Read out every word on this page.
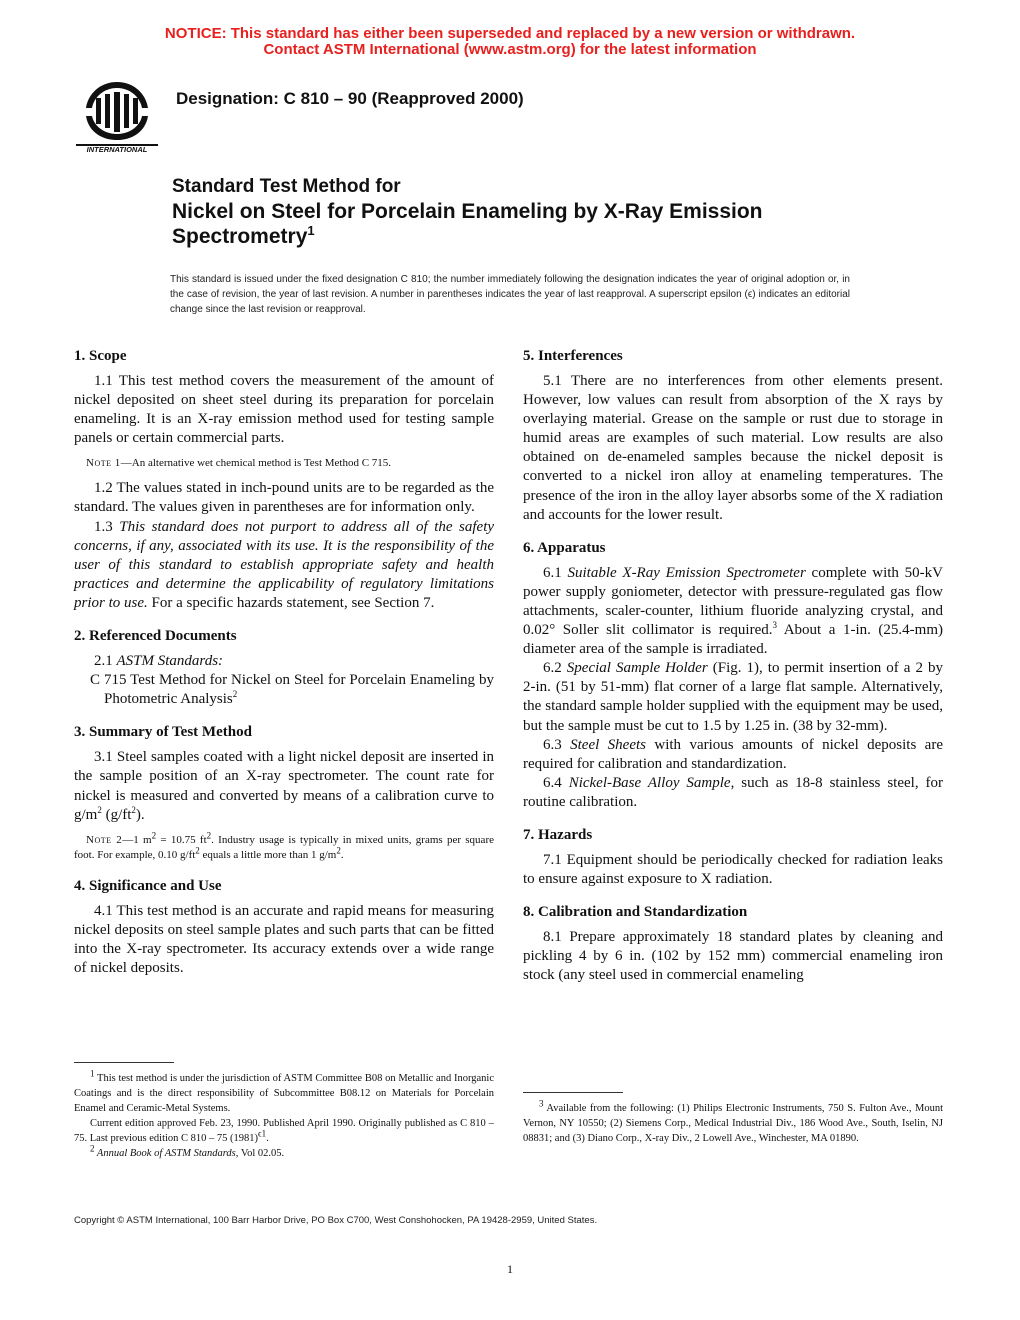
NOTICE: This standard has either been superseded and replaced by a new version or withdrawn.
Contact ASTM International (www.astm.org) for the latest information
INTERNATIONAL
Designation: C 810 – 90 (Reapproved 2000)
Standard Test Method for
Nickel on Steel for Porcelain Enameling by X-Ray Emission Spectrometry$^1$
This standard is issued under the fixed designation C 810; the number immediately following the designation indicates the year of original adoption or, in the case of revision, the year of last revision. A number in parentheses indicates the year of last reapproval. A superscript epsilon (ϵ) indicates an editorial change since the last revision or reapproval.
1. Scope

1.1 This test method covers the measurement of the amount of nickel deposited on sheet steel during its preparation for porcelain enameling. It is an X-ray emission method used for testing sample panels or certain commercial parts.

Note 1—An alternative wet chemical method is Test Method C 715.

1.2 The values stated in inch-pound units are to be regarded as the standard. The values given in parentheses are for information only.

1.3 This standard does not purport to address all of the safety concerns, if any, associated with its use. It is the responsibility of the user of this standard to establish appropriate safety and health practices and determine the applicability of regulatory limitations prior to use. For a specific hazards statement, see Section 7.

2. Referenced Documents

2.1 ASTM Standards:

C 715 Test Method for Nickel on Steel for Porcelain Enameling by Photometric Analysis$^2$

3. Summary of Test Method

3.1 Steel samples coated with a light nickel deposit are inserted in the sample position of an X-ray spectrometer. The count rate for nickel is measured and converted by means of a calibration curve to $g/m^2$ $(g/ft^2)$.

Note 2—1 $m^2 = 10.75$ $ft^2$. Industry usage is typically in mixed units, grams per square foot. For example, 0.10 $g/ft^2$ equals a little more than 1 $g/m^2$.

4. Significance and Use

4.1 This test method is an accurate and rapid means for measuring nickel deposits on steel sample plates and such parts that can be fitted into the X-ray spectrometer. Its accuracy extends over a wide range of nickel deposits.

5. Interferences

5.1 There are no interferences from other elements present. However, low values can result from absorption of the X rays by overlaying material. Grease on the sample or rust due to storage in humid areas are examples of such material. Low results are also obtained on de-enameled samples because the nickel deposit is converted to a nickel iron alloy at enameling temperatures. The presence of the iron in the alloy layer absorbs some of the X radiation and accounts for the lower result.

6. Apparatus

6.1 Suitable X-Ray Emission Spectrometer complete with 50-kV power supply goniometer, detector with pressure-regulated gas flow attachments, scaler-counter, lithium fluoride analyzing crystal, and 0.02° Soller slit collimator is required.$^3$ About a 1-in. (25.4-mm) diameter area of the sample is irradiated.

6.2 Special Sample Holder (Fig. 1), to permit insertion of a 2 by 2-in. (51 by 51-mm) flat corner of a large flat sample. Alternatively, the standard sample holder supplied with the equipment may be used, but the sample must be cut to 1.5 by 1.25 in. (38 by 32-mm).

6.3 Steel Sheets with various amounts of nickel deposits are required for calibration and standardization.

6.4 Nickel-Base Alloy Sample, such as 18-8 stainless steel, for routine calibration.

7. Hazards

7.1 Equipment should be periodically checked for radiation leaks to ensure against exposure to X radiation.

8. Calibration and Standardization

8.1 Prepare approximately 18 standard plates by cleaning and pickling 4 by 6 in. (102 by 152 mm) commercial enameling iron stock (any steel used in commercial enameling

$^1$ This test method is under the jurisdiction of ASTM Committee B08 on Metallic and Inorganic Coatings and is the direct responsibility of Subcommittee B08.12 on Materials for Porcelain Enamel and Ceramic-Metal Systems.

Current edition approved Feb. 23, 1990. Published April 1990. Originally published as C 810 – 75. Last previous edition C 810 – 75 $(1981)^{\epsilon 1}$.

$^2$ Annual Book of ASTM Standards, Vol 02.05.

$^3$ Available from the following: (1) Philips Electronic Instruments, 750 S. Fulton Ave., Mount Vernon, NY 10550; (2) Siemens Corp., Medical Industrial Div., 186 Wood Ave., South, Iselin, NJ 08831; and (3) Diano Corp., X-ray Div., 2 Lowell Ave., Winchester, MA 01890.

Copyright © ASTM International, 100 Barr Harbor Drive, PO Box C700, West Conshohocken, PA 19428-2959, United States.
1
